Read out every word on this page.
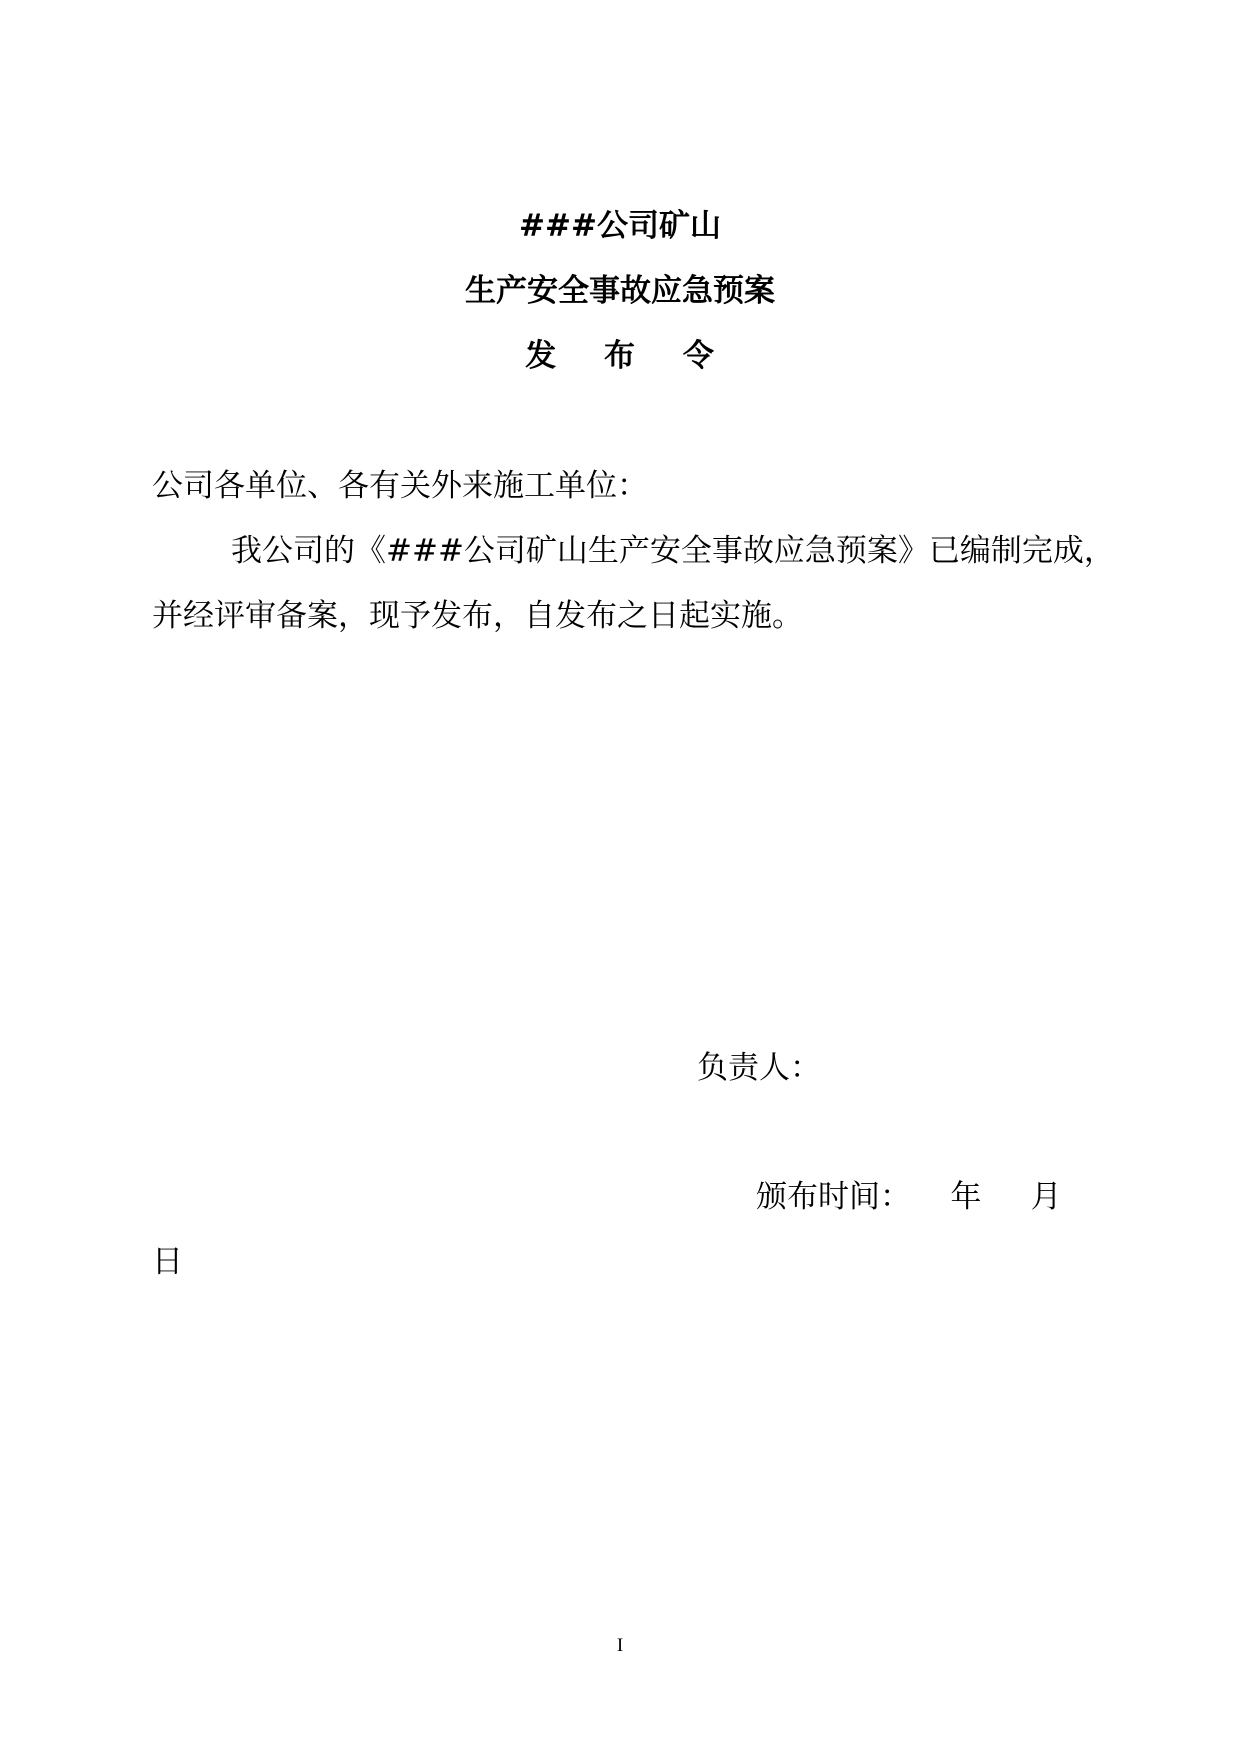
###公司矿山
生产安全事故应急预案
发    布    令

公司各单位、各有关外来施工单位：

我公司的《###公司矿山生产安全事故应急预案》已编制完成，

并经评审备案，现予发布，自发布之日起实施。

负责人：

颁布时间：    年     月

日

I
